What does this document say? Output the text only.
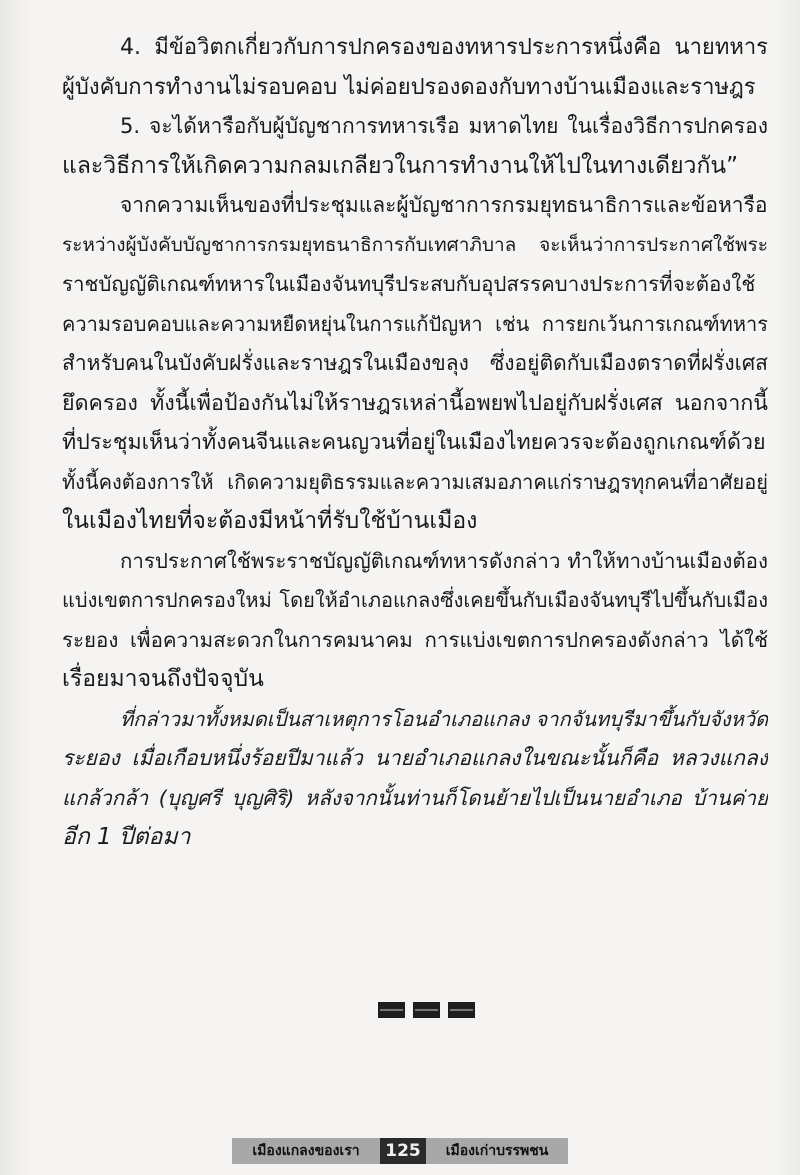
4. มีข้อวิตกเกี่ยวกับการปกครองของทหารประการหนึ่งคือ นายทหาร
ผู้บังคับการทำงานไม่รอบคอบ ไม่ค่อยปรองดองกับทางบ้านเมืองและราษฎร
5. จะได้หารือกับผู้บัญชาการทหารเรือ มหาดไทย ในเรื่องวิธีการปกครอง
และวิธีการให้เกิดความกลมเกลียวในการทำงานให้ไปในทางเดียวกัน”
จากความเห็นของที่ประชุมและผู้บัญชาการกรมยุทธนาธิการและข้อหารือ
ระหว่างผู้บังคับบัญชาการกรมยุทธนาธิการกับเทศาภิบาล จะเห็นว่าการประกาศใช้พระ
ราชบัญญัติเกณฑ์ทหารในเมืองจันทบุรีประสบกับอุปสรรคบางประการที่จะต้องใช้
ความรอบคอบและความหยืดหยุ่นในการแก้ปัญหา เช่น การยกเว้นการเกณฑ์ทหาร
สำหรับคนในบังคับฝรั่งและราษฎรในเมืองขลุง ซึ่งอยู่ติดกับเมืองตราดที่ฝรั่งเศส
ยึดครอง ทั้งนี้เพื่อป้องกันไม่ให้ราษฎรเหล่านี้อพยพไปอยู่กับฝรั่งเศส นอกจากนี้
ที่ประชุมเห็นว่าทั้งคนจีนและคนญวนที่อยู่ในเมืองไทยควรจะต้องถูกเกณฑ์ด้วย
ทั้งนี้คงต้องการให้ เกิดความยุติธรรมและความเสมอภาคแก่ราษฎรทุกคนที่อาศัยอยู่
ในเมืองไทยที่จะต้องมีหน้าที่รับใช้บ้านเมือง
การประกาศใช้พระราชบัญญัติเกณฑ์ทหารดังกล่าว ทำให้ทางบ้านเมืองต้อง
แบ่งเขตการปกครองใหม่ โดยให้อำเภอแกลงซึ่งเคยขึ้นกับเมืองจันทบุรีไปขึ้นกับเมือง
ระยอง เพื่อความสะดวกในการคมนาคม การแบ่งเขตการปกครองดังกล่าว ได้ใช้
เรื่อยมาจนถึงปัจจุบัน
ที่กล่าวมาทั้งหมดเป็นสาเหตุการโอนอำเภอแกลง จากจันทบุรีมาขึ้นกับจังหวัด
ระยอง เมื่อเกือบหนึ่งร้อยปีมาแล้ว นายอำเภอแกลงในขณะนั้นก็คือ หลวงแกลง
แกล้วกล้า (บุญศรี บุญศิริ) หลังจากนั้นท่านก็โดนย้ายไปเป็นนายอำเภอ บ้านค่าย
อีก 1 ปีต่อมา
เมืองแกลงของเรา	125	เมืองเก่าบรรพชน
